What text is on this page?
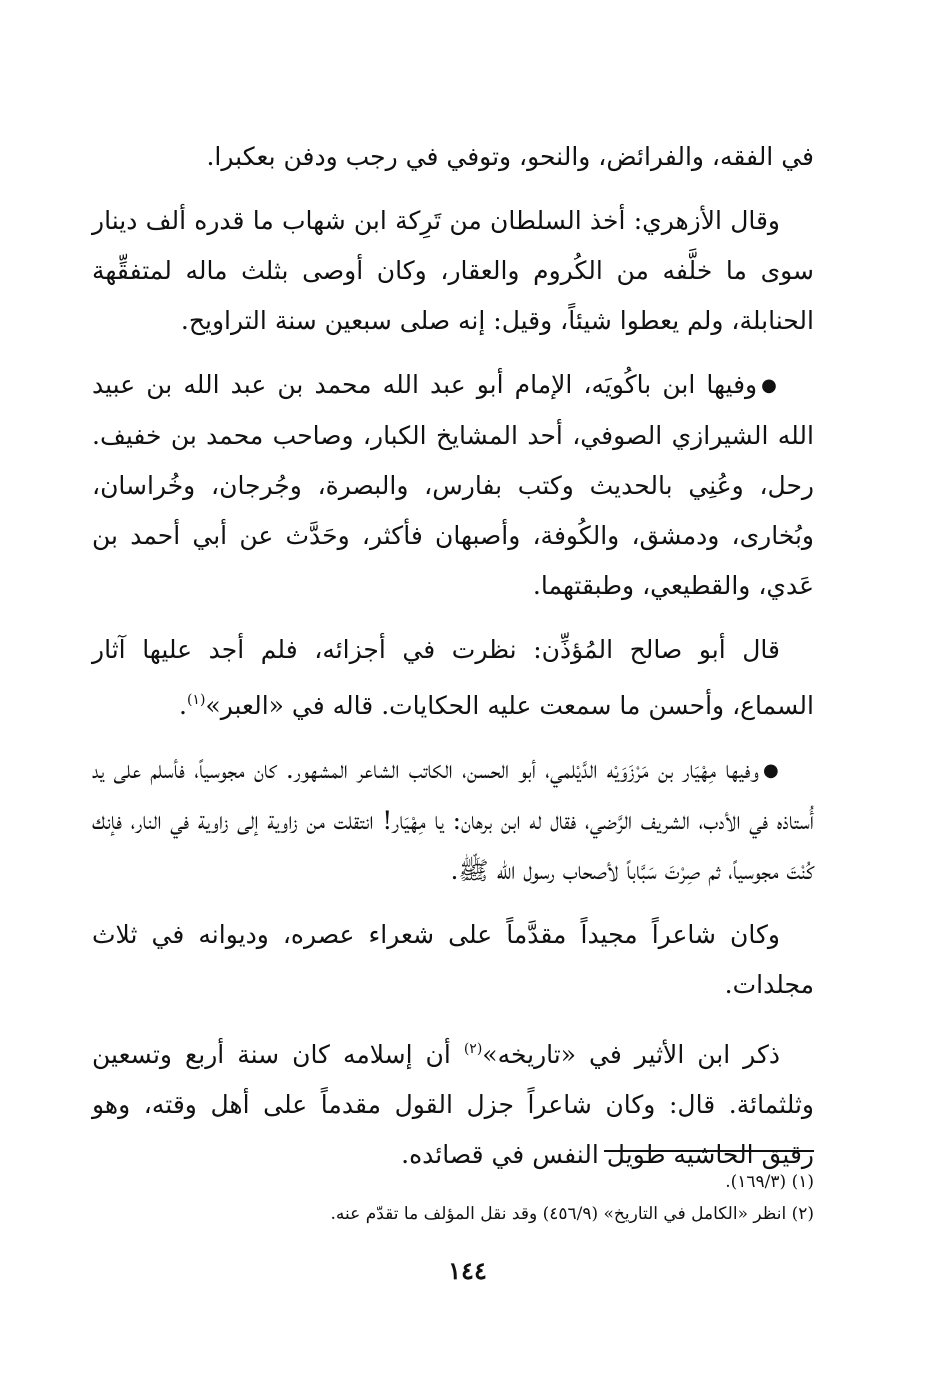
في الفقه، والفرائض، والنحو، وتوفي في رجب ودفن بعكبرا.

وقال الأزهري: أخذ السلطان من تَرِكة ابن شهاب ما قدره ألف دينار سوى ما خلَّفه من الكُروم والعقار، وكان أوصى بثلث ماله لمتفقِّهة الحنابلة، ولم يعطوا شيئاً، وقيل: إنه صلى سبعين سنة التراويح.

●وفيها ابن باكُويَه، الإمام أبو عبد الله محمد بن عبد الله بن عبيد الله الشيرازي الصوفي، أحد المشايخ الكبار، وصاحب محمد بن خفيف. رحل، وعُنِي بالحديث وكتب بفارس، والبصرة، وجُرجان، وخُراسان، وبُخارى، ودمشق، والكُوفة، وأصبهان فأكثر، وحَدَّث عن أبي أحمد بن عَدي، والقطيعي، وطبقتهما.

قال أبو صالح المُؤذِّن: نظرت في أجزائه، فلم أجد عليها آثار السماع، وأحسن ما سمعت عليه الحكايات. قاله في «العبر»$^{(١)}$.

●وفيها مِهْيَار بن مَرْزَوَيْه الدَّيْلمي، أبو الحسن، الكاتب الشاعر المشهور. كان مجوسياً، فأسلم على يد أُستاذه في الأدب، الشريف الرَّضي، فقال له ابن برهان: يا مِهْيَار! انتقلت من زاوية إلى زاوية في النار، فإنك كُنْتَ مجوسياً، ثم صِرْتَ سَبَّاباً لأصحاب رسول الله ﷺ.

وكان شاعراً مجيداً مقدَّماً على شعراء عصره، وديوانه في ثلاث مجلدات.

ذكر ابن الأثير في «تاريخه»$^{(٢)}$ أن إسلامه كان سنة أربع وتسعين وثلثمائة. قال: وكان شاعراً جزل القول مقدماً على أهل وقته، وهو رقيق الحاشية طويل النفس في قصائده.

(١) (١٦٩/٣).

(٢) انظر «الكامل في التاريخ» (٤٥٦/٩) وقد نقل المؤلف ما تقدّم عنه.

١٤٤
